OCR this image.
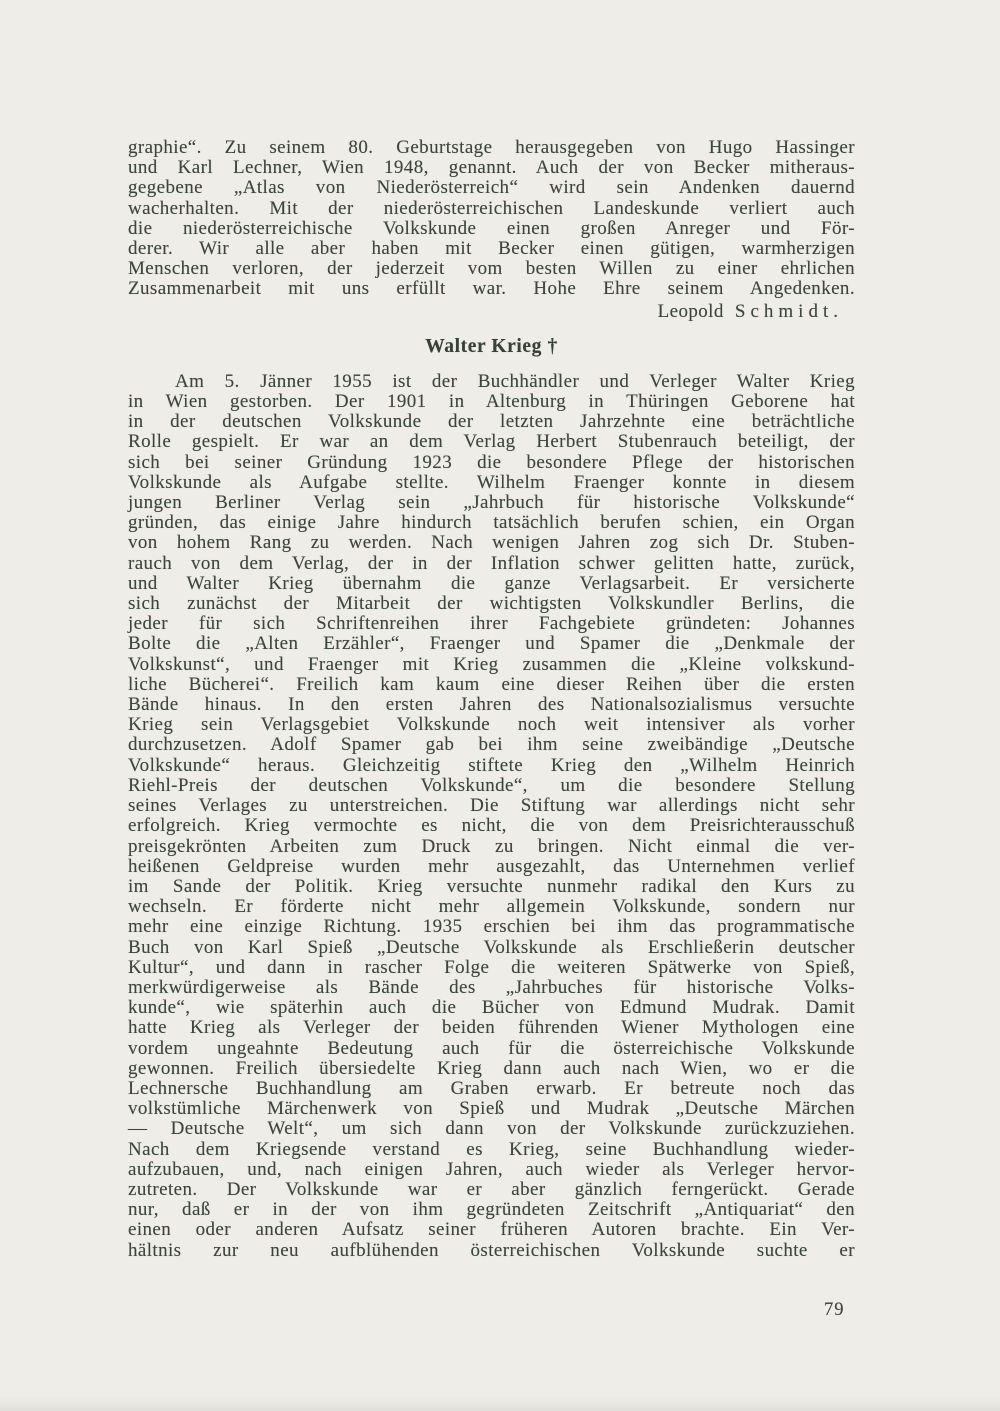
graphie“. Zu seinem 80. Geburtstage herausgegeben von Hugo Hassinger
und Karl Lechner, Wien 1948, genannt. Auch der von Becker mitheraus-
gegebene „Atlas von Niederösterreich“ wird sein Andenken dauernd
wacherhalten. Mit der niederösterreichischen Landeskunde verliert auch
die niederösterreichische Volkskunde einen großen Anreger und För-
derer. Wir alle aber haben mit Becker einen gütigen, warmherzigen
Menschen verloren, der jederzeit vom besten Willen zu einer ehrlichen
Zusammenarbeit mit uns erfüllt war. Hohe Ehre seinem Angedenken.
Leopold Schmidt.
Walter Krieg †
Am 5. Jänner 1955 ist der Buchhändler und Verleger Walter Krieg
in Wien gestorben. Der 1901 in Altenburg in Thüringen Geborene hat
in der deutschen Volkskunde der letzten Jahrzehnte eine beträchtliche
Rolle gespielt. Er war an dem Verlag Herbert Stubenrauch beteiligt, der
sich bei seiner Gründung 1923 die besondere Pflege der historischen
Volkskunde als Aufgabe stellte. Wilhelm Fraenger konnte in diesem
jungen Berliner Verlag sein „Jahrbuch für historische Volkskunde“
gründen, das einige Jahre hindurch tatsächlich berufen schien, ein Organ
von hohem Rang zu werden. Nach wenigen Jahren zog sich Dr. Stuben-
rauch von dem Verlag, der in der Inflation schwer gelitten hatte, zurück,
und Walter Krieg übernahm die ganze Verlagsarbeit. Er versicherte
sich zunächst der Mitarbeit der wichtigsten Volkskundler Berlins, die
jeder für sich Schriftenreihen ihrer Fachgebiete gründeten: Johannes
Bolte die „Alten Erzähler“, Fraenger und Spamer die „Denkmale der
Volkskunst“, und Fraenger mit Krieg zusammen die „Kleine volkskund-
liche Bücherei“. Freilich kam kaum eine dieser Reihen über die ersten
Bände hinaus. In den ersten Jahren des Nationalsozialismus versuchte
Krieg sein Verlagsgebiet Volkskunde noch weit intensiver als vorher
durchzusetzen. Adolf Spamer gab bei ihm seine zweibändige „Deutsche
Volkskunde“ heraus. Gleichzeitig stiftete Krieg den „Wilhelm Heinrich
Riehl-Preis der deutschen Volkskunde“, um die besondere Stellung
seines Verlages zu unterstreichen. Die Stiftung war allerdings nicht sehr
erfolgreich. Krieg vermochte es nicht, die von dem Preisrichterausschuß
preisgekrönten Arbeiten zum Druck zu bringen. Nicht einmal die ver-
heißenen Geldpreise wurden mehr ausgezahlt, das Unternehmen verlief
im Sande der Politik. Krieg versuchte nunmehr radikal den Kurs zu
wechseln. Er förderte nicht mehr allgemein Volkskunde, sondern nur
mehr eine einzige Richtung. 1935 erschien bei ihm das programmatische
Buch von Karl Spieß „Deutsche Volkskunde als Erschließerin deutscher
Kultur“, und dann in rascher Folge die weiteren Spätwerke von Spieß,
merkwürdigerweise als Bände des „Jahrbuches für historische Volks-
kunde“, wie späterhin auch die Bücher von Edmund Mudrak. Damit
hatte Krieg als Verleger der beiden führenden Wiener Mythologen eine
vordem ungeahnte Bedeutung auch für die österreichische Volkskunde
gewonnen. Freilich übersiedelte Krieg dann auch nach Wien, wo er die
Lechnersche Buchhandlung am Graben erwarb. Er betreute noch das
volkstümliche Märchenwerk von Spieß und Mudrak „Deutsche Märchen
— Deutsche Welt“, um sich dann von der Volkskunde zurückzuziehen.
Nach dem Kriegsende verstand es Krieg, seine Buchhandlung wieder-
aufzubauen, und, nach einigen Jahren, auch wieder als Verleger hervor-
zutreten. Der Volkskunde war er aber gänzlich ferngerückt. Gerade
nur, daß er in der von ihm gegründeten Zeitschrift „Antiquariat“ den
einen oder anderen Aufsatz seiner früheren Autoren brachte. Ein Ver-
hältnis zur neu aufblühenden österreichischen Volkskunde suchte er
79
